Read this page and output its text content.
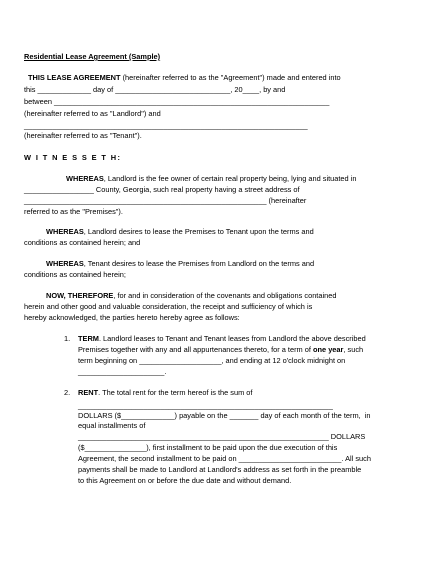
Residential Lease Agreement (Sample)
THIS LEASE AGREEMENT (hereinafter referred to as the "Agreement") made and entered into
this _____________ day of ____________________________, 20____, by and
between ___________________________________________________________________
(hereinafter referred to as "Landlord") and
_____________________________________________________________________
(hereinafter referred to as "Tenant").
W I T N E S S E T H:
WHEREAS, Landlord is the fee owner of certain real property being, lying and situated in
_________________ County, Georgia, such real property having a street address of
___________________________________________________________ (hereinafter
referred to as the "Premises").
WHEREAS, Landlord desires to lease the Premises to Tenant upon the terms and
conditions as contained herein; and
WHEREAS, Tenant desires to lease the Premises from Landlord on the terms and
conditions as contained herein;
NOW, THEREFORE, for and in consideration of the covenants and obligations contained
herein and other good and valuable consideration, the receipt and sufficiency of which is
hereby acknowledged, the parties hereto hereby agree as follows:
1. TERM. Landlord leases to Tenant and Tenant leases from Landlord the above described
Premises together with any and all appurtenances thereto, for a term of one year, such
term beginning on ____________________, and ending at 12 o'clock midnight on
_____________________.
2. RENT. The total rent for the term hereof is the sum of
______________________________________________________________
DOLLARS ($_____________) payable on the _______ day of each month of the term,  in
equal installments of
_____________________________________________________________ DOLLARS
($_______________), first installment to be paid upon the due execution of this
Agreement, the second installment to be paid on _________________________. All such
payments shall be made to Landlord at Landlord's address as set forth in the preamble
to this Agreement on or before the due date and without demand.
